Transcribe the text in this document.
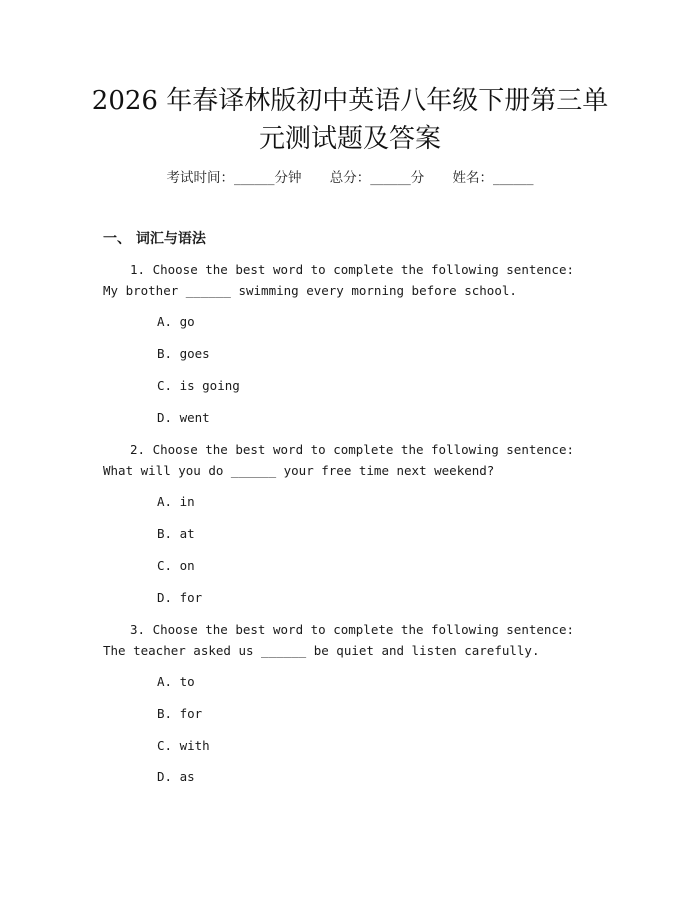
2026 年春译林版初中英语八年级下册第三单
元测试题及答案
考试时间：______分钟 总分：______分 姓名：______
一、 词汇与语法
1. Choose the best word to complete the following sentence: My brother ______ swimming every morning before school.
A. go
B. goes
C. is going
D. went
2. Choose the best word to complete the following sentence: What will you do ______ your free time next weekend?
A. in
B. at
C. on
D. for
3. Choose the best word to complete the following sentence: The teacher asked us ______ be quiet and listen carefully.
A. to
B. for
C. with
D. as
